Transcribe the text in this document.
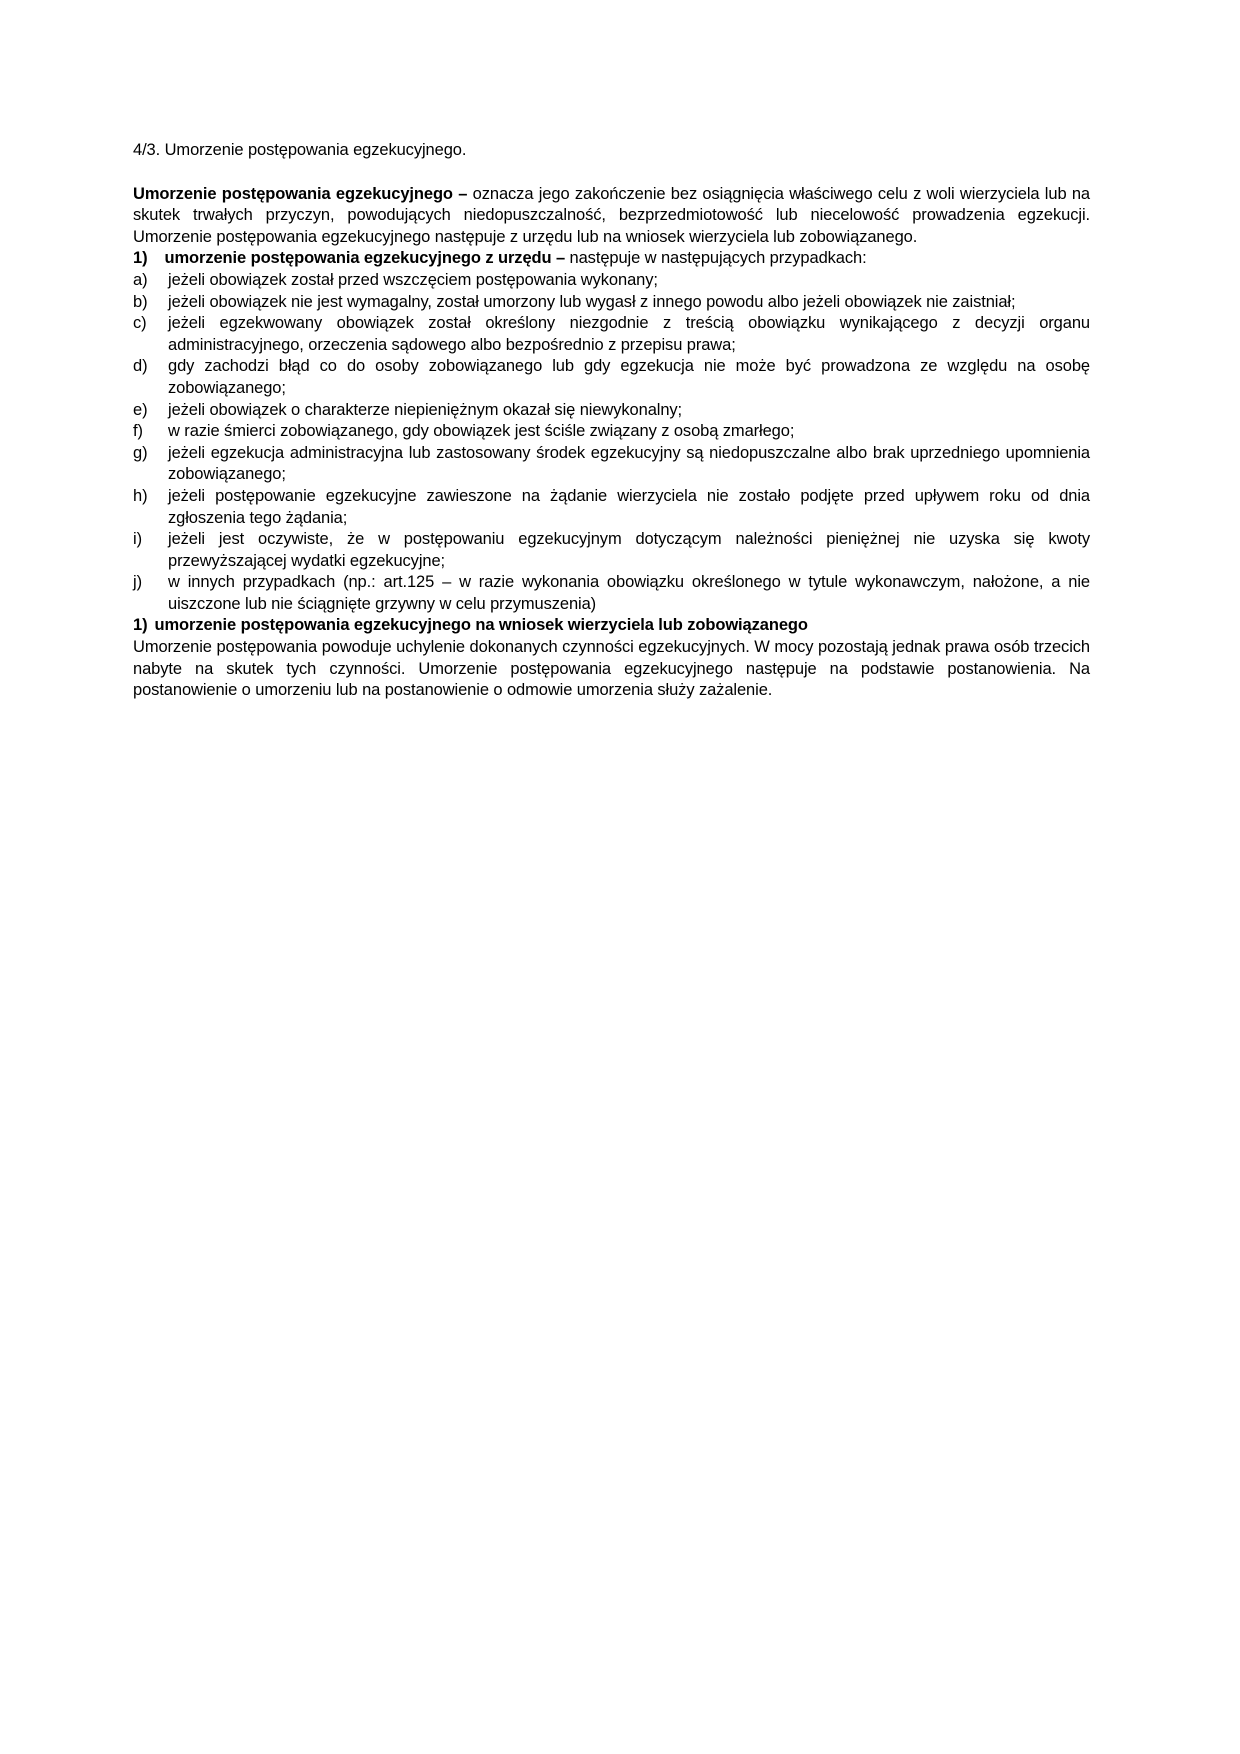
4/3. Umorzenie postępowania egzekucyjnego.

Umorzenie postępowania egzekucyjnego – oznacza jego zakończenie bez osiągnięcia właściwego celu z woli wierzyciela lub na skutek trwałych przyczyn, powodujących niedopuszczalność, bezprzedmiotowość lub niecelowość prowadzenia egzekucji. Umorzenie postępowania egzekucyjnego następuje z urzędu lub na wniosek wierzyciela lub zobowiązanego.

1) umorzenie postępowania egzekucyjnego z urzędu – następuje w następujących przypadkach:

a) jeżeli obowiązek został przed wszczęciem postępowania wykonany;
b) jeżeli obowiązek nie jest wymagalny, został umorzony lub wygasł z innego powodu albo jeżeli obowiązek nie zaistniał;
c) jeżeli egzekwowany obowiązek został określony niezgodnie z treścią obowiązku wynikającego z decyzji organu administracyjnego, orzeczenia sądowego albo bezpośrednio z przepisu prawa;
d) gdy zachodzi błąd co do osoby zobowiązanego lub gdy egzekucja nie może być prowadzona ze względu na osobę zobowiązanego;
e) jeżeli obowiązek o charakterze niepieniężnym okazał się niewykonalny;
f) w razie śmierci zobowiązanego, gdy obowiązek jest ściśle związany z osobą zmarłego;
g) jeżeli egzekucja administracyjna lub zastosowany środek egzekucyjny są niedopuszczalne albo brak uprzedniego upomnienia zobowiązanego;
h) jeżeli postępowanie egzekucyjne zawieszone na żądanie wierzyciela nie zostało podjęte przed upływem roku od dnia zgłoszenia tego żądania;
i) jeżeli jest oczywiste, że w postępowaniu egzekucyjnym dotyczącym należności pieniężnej nie uzyska się kwoty przewyższającej wydatki egzekucyjne;
j) w innych przypadkach (np.: art.125 – w razie wykonania obowiązku określonego w tytule wykonawczym, nałożone, a nie uiszczone lub nie ściągnięte grzywny w celu przymuszenia)

1) umorzenie postępowania egzekucyjnego na wniosek wierzyciela lub zobowiązanego

Umorzenie postępowania powoduje uchylenie dokonanych czynności egzekucyjnych. W mocy pozostają jednak prawa osób trzecich nabyte na skutek tych czynności. Umorzenie postępowania egzekucyjnego następuje na podstawie postanowienia. Na postanowienie o umorzeniu lub na postanowienie o odmowie umorzenia służy zażalenie.
